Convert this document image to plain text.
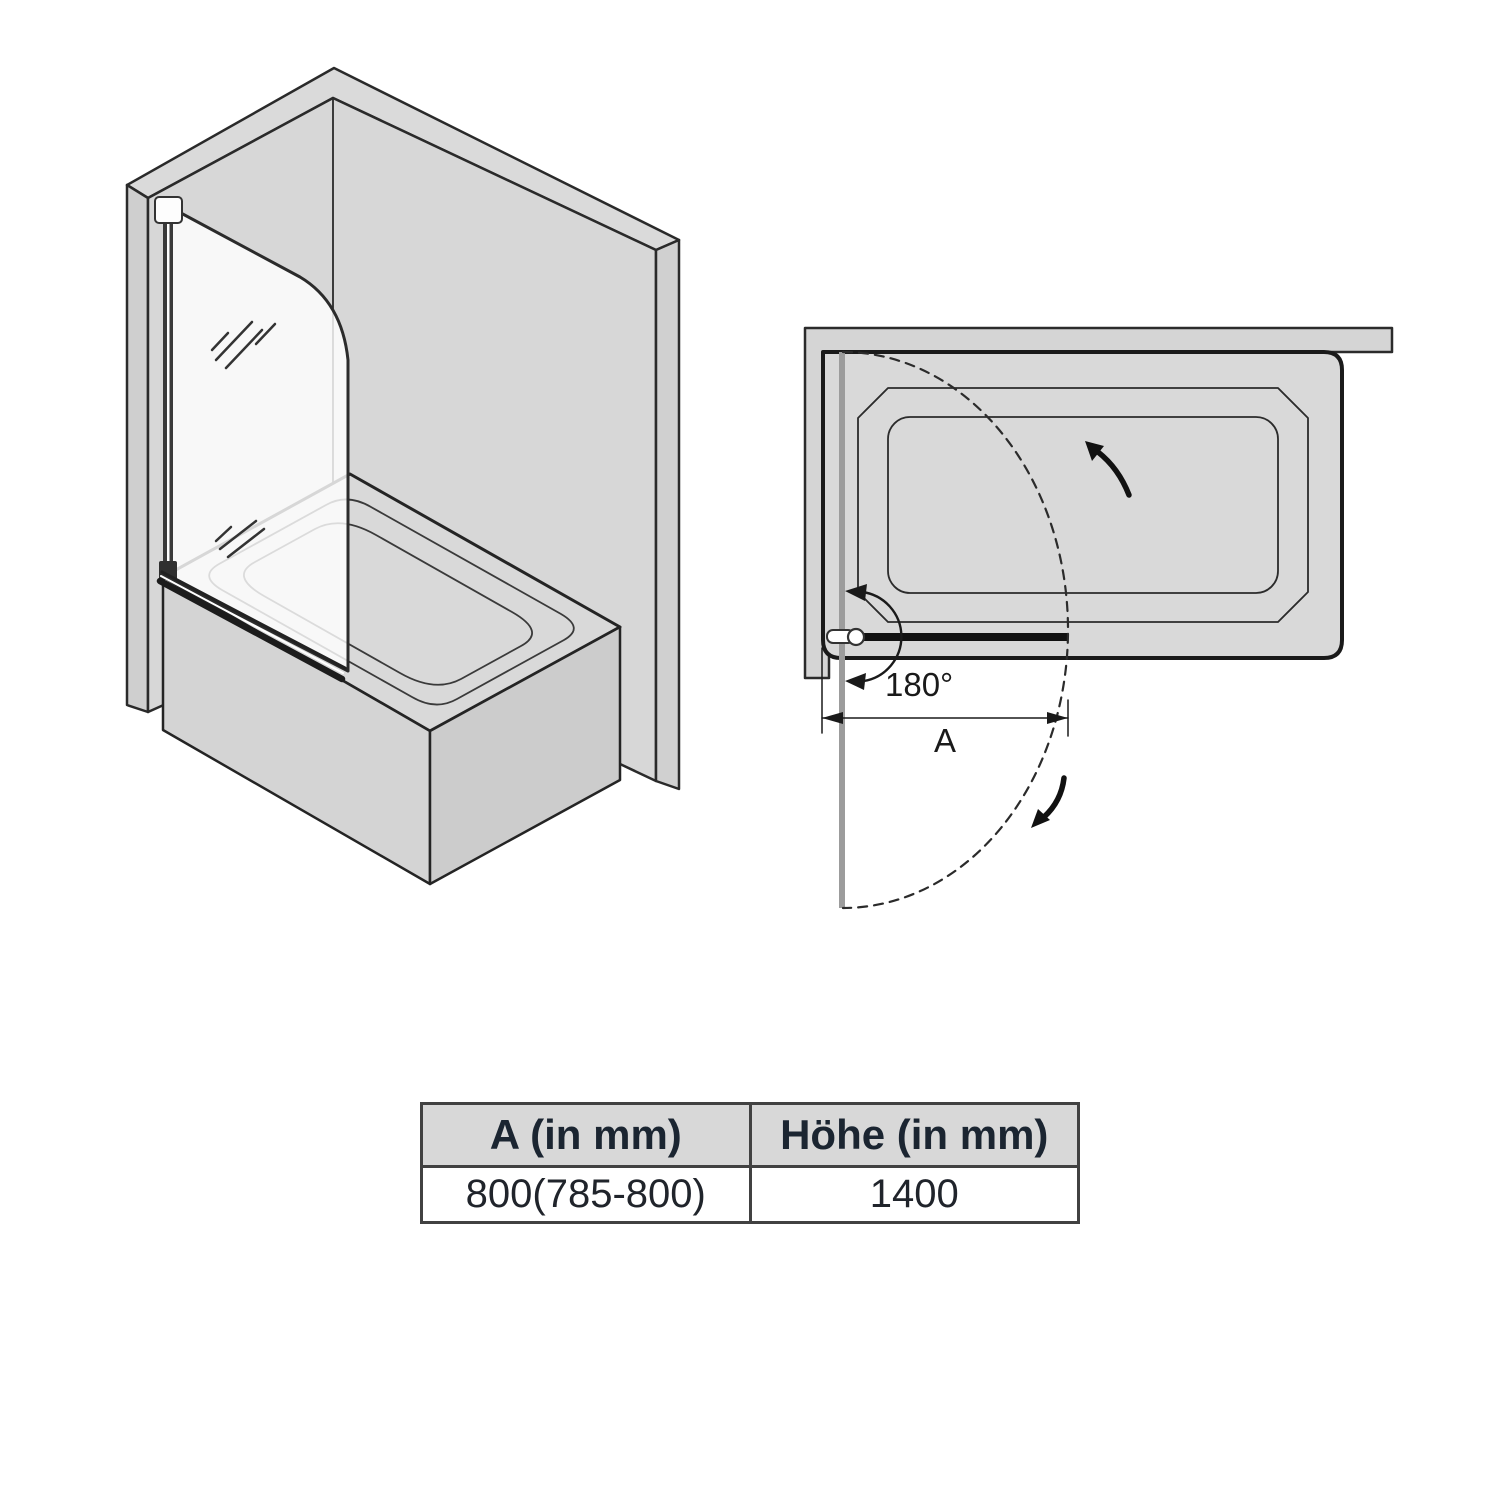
180°
A
A (in mm)	Höhe (in mm)
800(785-800)	1400
